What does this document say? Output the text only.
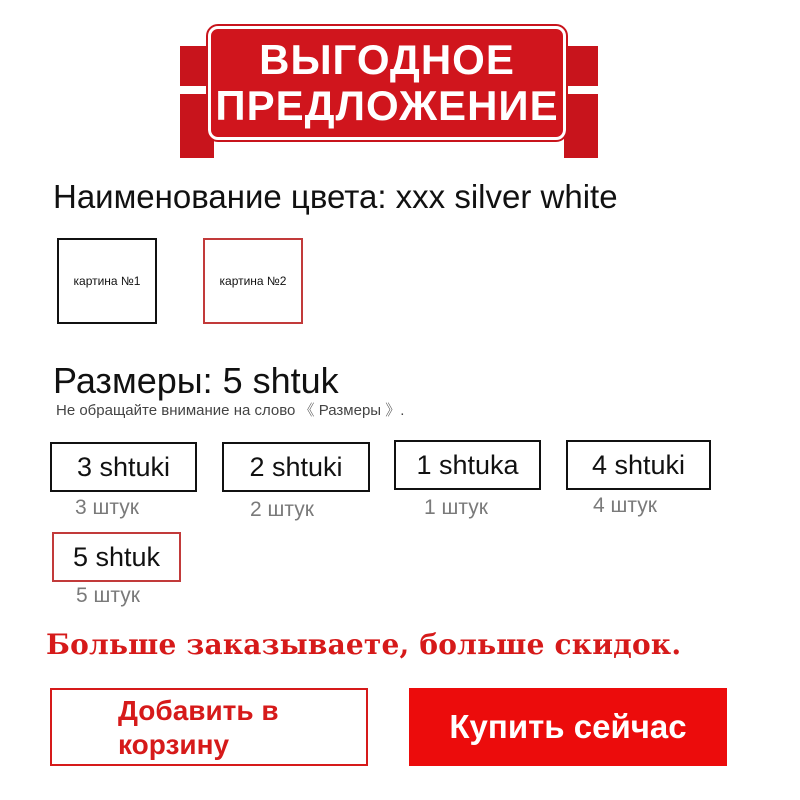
ВЫГОДНОЕ
ПРЕДЛОЖЕНИЕ
Наименование цвета: xxx silver white
картина №1	картина №2
Размеры: 5 shtuk
Не обращайте внимание на слово 《 Размеры 》.
3 shtuki
3 штук
2 shtuki
2 штук
1 shtuka
1 штук
4 shtuki
4 штук
5 shtuk
5 штук
Больше заказываете, больше скидок.
Добавить в корзину	Купить сейчас
